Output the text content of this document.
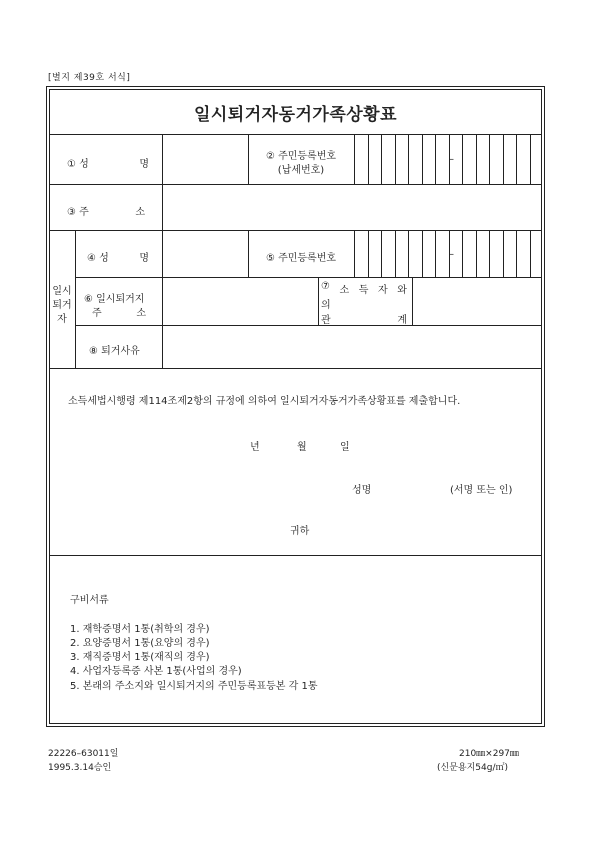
[별지 제39호 서식]
일시퇴거자동거가족상황표
① 성	명
② 주민등록번호
(납세번호)
–
③ 주	소
일시
퇴거
자
④ 성	명	⑤ 주민등록번호	–
⑥ 일시퇴거지
주	소
⑦ 소 득 자 와
의
관	계
⑧ 퇴거사유
소득세법시행령 제114조제2항의 규정에 의하여 일시퇴거자동거가족상황표를 제출합니다.
년	월	일
성명	(서명 또는 인)
귀하
구비서류
1. 재학증명서 1통(취학의 경우)
2. 요양증명서 1통(요양의 경우)
3. 재직증명서 1통(재직의 경우)
4. 사업자등록증 사본 1통(사업의 경우)
5. 본래의 주소지와 일시퇴거지의 주민등록표등본 각 1통
22226–63011일
1995.3.14승인
210㎜×297㎜
(신문용지54g/㎡)
